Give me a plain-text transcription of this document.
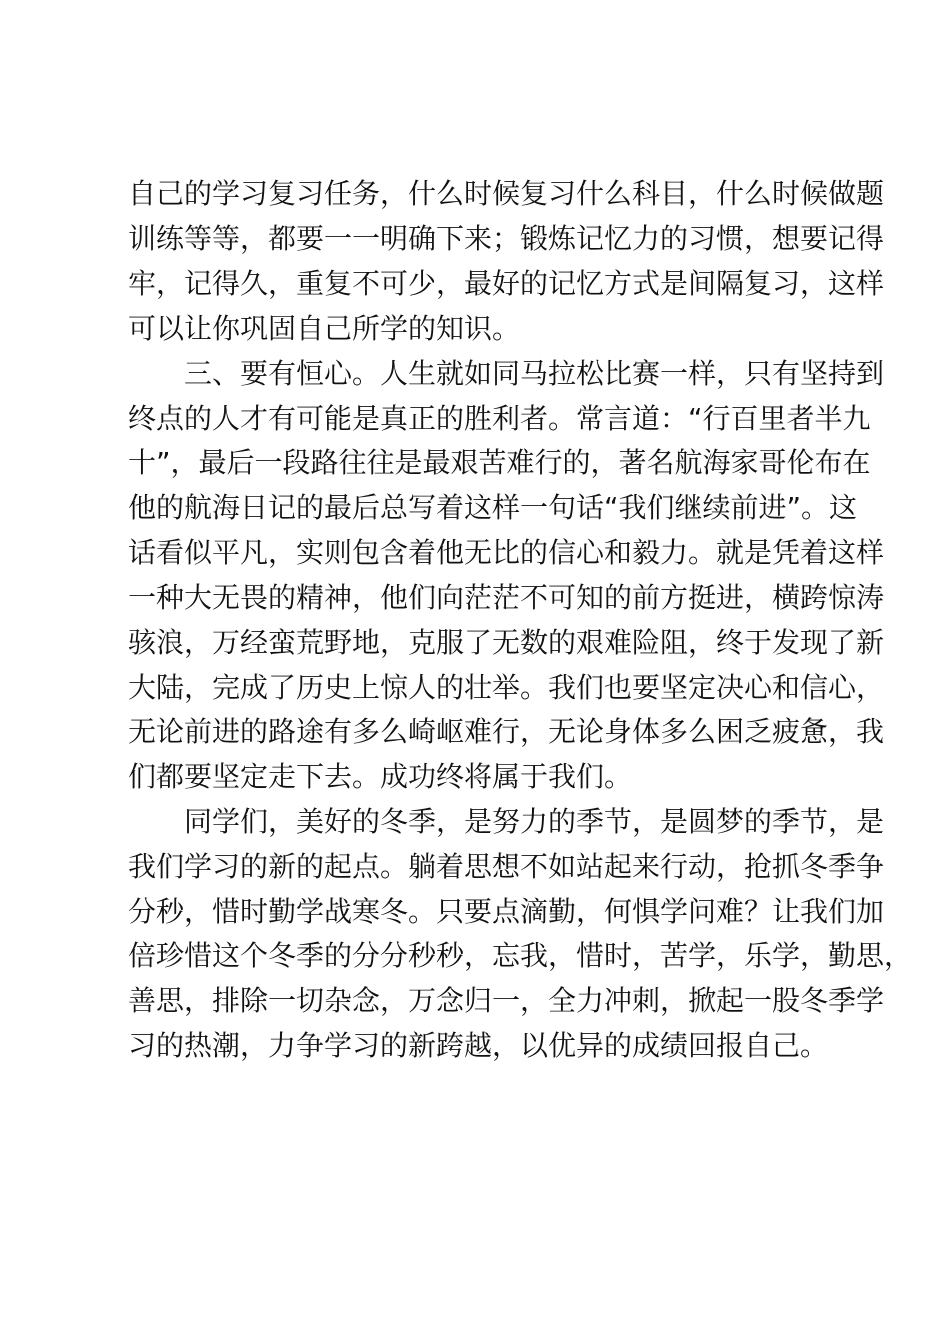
自己的学习复习任务，什么时候复习什么科目，什么时候做题
训练等等，都要一一明确下来；锻炼记忆力的习惯，想要记得
牢，记得久，重复不可少，最好的记忆方式是间隔复习，这样
可以让你巩固自己所学的知识。
三、要有恒心。人生就如同马拉松比赛一样，只有坚持到
终点的人才有可能是真正的胜利者。常言道：“行百里者半九
十”，最后一段路往往是最艰苦难行的，著名航海家哥伦布在
他的航海日记的最后总写着这样一句话“我们继续前进”。这
话看似平凡，实则包含着他无比的信心和毅力。就是凭着这样
一种大无畏的精神，他们向茫茫不可知的前方挺进，横跨惊涛
骇浪，万经蛮荒野地，克服了无数的艰难险阻，终于发现了新
大陆，完成了历史上惊人的壮举。我们也要坚定决心和信心，
无论前进的路途有多么崎岖难行，无论身体多么困乏疲惫，我
们都要坚定走下去。成功终将属于我们。
同学们，美好的冬季，是努力的季节，是圆梦的季节，是
我们学习的新的起点。躺着思想不如站起来行动，抢抓冬季争
分秒，惜时勤学战寒冬。只要点滴勤，何惧学问难？让我们加
倍珍惜这个冬季的分分秒秒，忘我，惜时，苦学，乐学，勤思，
善思，排除一切杂念，万念归一，全力冲刺，掀起一股冬季学
习的热潮，力争学习的新跨越，以优异的成绩回报自己。
